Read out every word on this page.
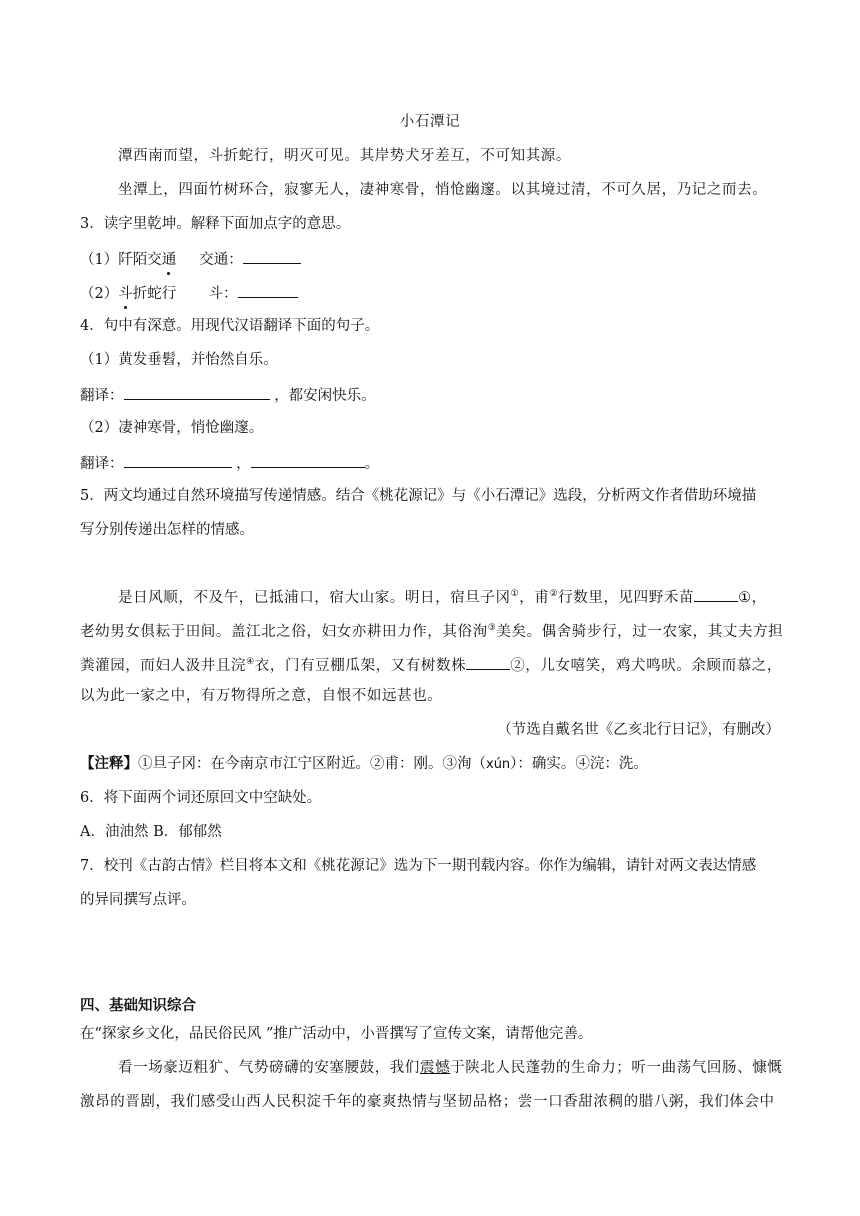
小石潭记
潭西南而望，斗折蛇行，明灭可见。其岸势犬牙差互，不可知其源。
坐潭上，四面竹树环合，寂寥无人，凄神寒骨，悄怆幽邃。以其境过清，不可久居，乃记之而去。
3．读字里乾坤。解释下面加点字的意思。
（1）阡陌交通 交通：
（2）斗折蛇行 斗：
4．句中有深意。用现代汉语翻译下面的句子。
（1）黄发垂髫，并怡然自乐。
翻译：	，都安闲快乐。
（2）凄神寒骨，悄怆幽邃。
翻译：	，	。
5．两文均通过自然环境描写传递情感。结合《桃花源记》与《小石潭记》选段，分析两文作者借助环境描
写分别传递出怎样的情感。
是日风顺，不及午，已抵浦口，宿大山家。明日，宿旦子冈①，甫②行数里，见四野禾苗	①，
老幼男女俱耘于田间。盖江北之俗，妇女亦耕田力作，其俗洵③美矣。偶舍骑步行，过一农家，其丈夫方担
粪灌园，而妇人汲井且浣④衣，门有豆棚瓜架，又有树数株	②，儿女嘻笑，鸡犬鸣吠。余顾而慕之，
以为此一家之中，有万物得所之意，自恨不如远甚也。
（节选自戴名世《乙亥北行日记》，有删改）
【注释】①旦子冈：在今南京市江宁区附近。②甫：刚。③洵（xún）：确实。④浣：洗。
6．将下面两个词还原回文中空缺处。
A．油油然 B．郁郁然
7．校刊《古韵古情》栏目将本文和《桃花源记》选为下一期刊载内容。你作为编辑，请针对两文表达情感
的异同撰写点评。
四、基础知识综合
在“探家乡文化，品民俗民风 ”推广活动中，小晋撰写了宣传文案，请帮他完善。
看一场豪迈粗犷、气势磅礴的安塞腰鼓，我们震憾于陕北人民蓬勃的生命力；听一曲荡气回肠、慷慨
激昂的晋剧，我们感受山西人民积淀千年的豪爽热情与坚韧品格；尝一口香甜浓稠的腊八粥，我们体会中
